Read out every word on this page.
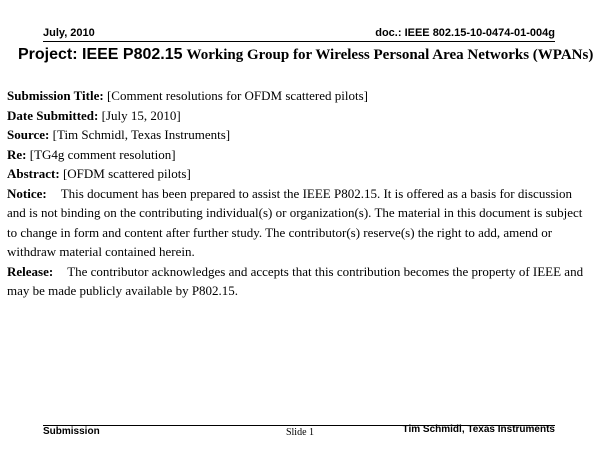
July, 2010	doc.: IEEE 802.15-10-0474-01-004g
Project: IEEE P802.15 Working Group for Wireless Personal Area Networks (WPANs)

Submission Title: [Comment resolutions for OFDM scattered pilots]

Date Submitted: [July 15, 2010]

Source: [Tim Schmidl, Texas Instruments]

Re: [TG4g comment resolution]

Abstract: [OFDM scattered pilots]

Notice: This document has been prepared to assist the IEEE P802.15. It is offered as a basis for discussion and is not binding on the contributing individual(s) or organization(s). The material in this document is subject to change in form and content after further study. The contributor(s) reserve(s) the right to add, amend or withdraw material contained herein.

Release: The contributor acknowledges and accepts that this contribution becomes the property of IEEE and may be made publicly available by P802.15.

Submission	Slide 1	Tim Schmidl, Texas Instruments
